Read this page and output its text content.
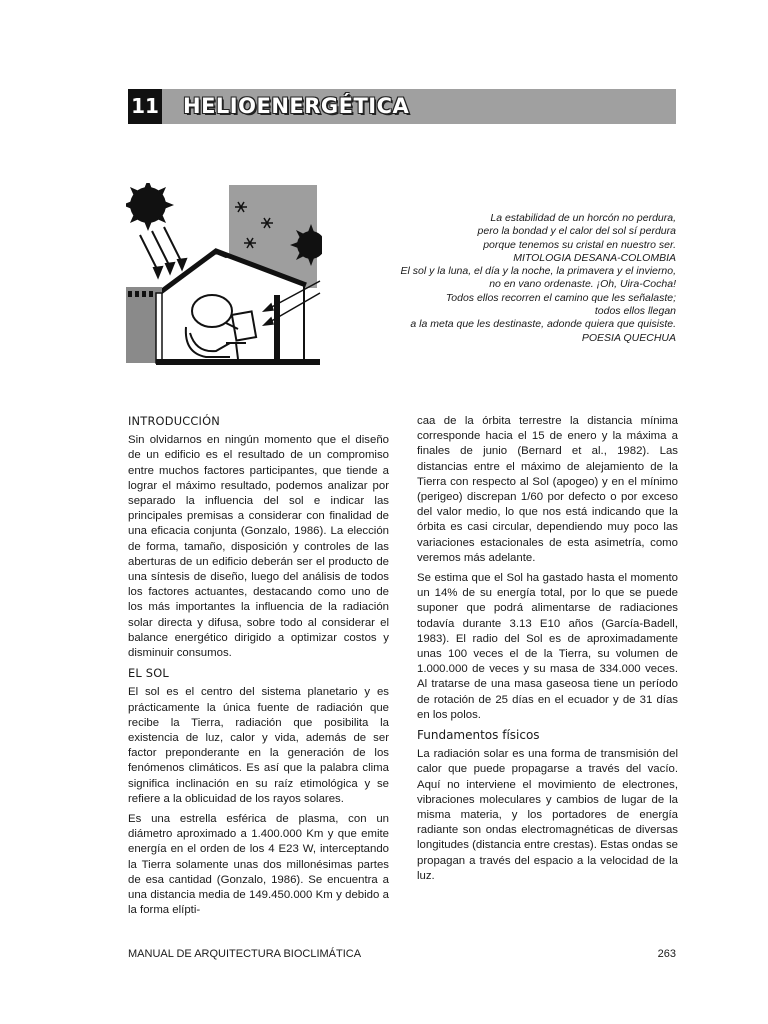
11 HELIOENERGÉTICA
La estabilidad de un horcón no perdura,
pero la bondad y el calor del sol sí perdura
porque tenemos su cristal en nuestro ser.
MITOLOGIA DESANA-COLOMBIA
El sol y la luna, el día y la noche, la primavera y el invierno,
no en vano ordenaste. ¡Oh, Uira-Cocha!
Todos ellos recorren el camino que les señalaste;
todos ellos llegan
a la meta que les destinaste, adonde quiera que quisiste.
POESIA QUECHUA
INTRODUCCIÓN

Sin olvidarnos en ningún momento que el diseño de un edificio es el resultado de un compromiso entre muchos factores participantes, que tiende a lograr el máximo resultado, podemos analizar por separado la influencia del sol e indicar las principales premisas a considerar con finalidad de una eficacia conjunta (Gonzalo, 1986). La elección de forma, tamaño, disposición y controles de las aberturas de un edificio deberán ser el producto de una síntesis de diseño, luego del análisis de todos los factores actuantes, destacando como uno de los más importantes la influencia de la radiación solar directa y difusa, sobre todo al considerar el balance energético dirigido a optimizar costos y disminuir consumos.

EL SOL

El sol es el centro del sistema planetario y es prácticamente la única fuente de radiación que recibe la Tierra, radiación que posibilita la existencia de luz, calor y vida, además de ser factor preponderante en la generación de los fenómenos climáticos. Es así que la palabra clima significa inclinación en su raíz etimológica y se refiere a la oblicuidad de los rayos solares.

Es una estrella esférica de plasma, con un diámetro aproximado a 1.400.000 Km y que emite energía en el orden de los 4 E23 W, interceptando la Tierra solamente unas dos millonésimas partes de esa cantidad (Gonzalo, 1986). Se encuentra a una distancia media de 149.450.000 Km y debido a la forma elípti-

caa de la órbita terrestre la distancia mínima corresponde hacia el 15 de enero y la máxima a finales de junio (Bernard et al., 1982). Las distancias entre el máximo de alejamiento de la Tierra con respecto al Sol (apogeo) y en el mínimo (perigeo) discrepan 1/60 por defecto o por exceso del valor medio, lo que nos está indicando que la órbita es casi circular, dependiendo muy poco las variaciones estacionales de esta asimetría, como veremos más adelante.

Se estima que el Sol ha gastado hasta el momento un 14% de su energía total, por lo que se puede suponer que podrá alimentarse de radiaciones todavía durante 3.13 E10 años (García-Badell, 1983). El radio del Sol es de aproximadamente unas 100 veces el de la Tierra, su volumen de 1.000.000 de veces y su masa de 334.000 veces. Al tratarse de una masa gaseosa tiene un período de rotación de 25 días en el ecuador y de 31 días en los polos.

Fundamentos físicos

La radiación solar es una forma de transmisión del calor que puede propagarse a través del vacío. Aquí no interviene el movimiento de electrones, vibraciones moleculares y cambios de lugar de la misma materia, y los portadores de energía radiante son ondas electromagnéticas de diversas longitudes (distancia entre crestas). Estas ondas se propagan a través del espacio a la velocidad de la luz.

MANUAL DE ARQUITECTURA BIOCLIMÁTICA	263
